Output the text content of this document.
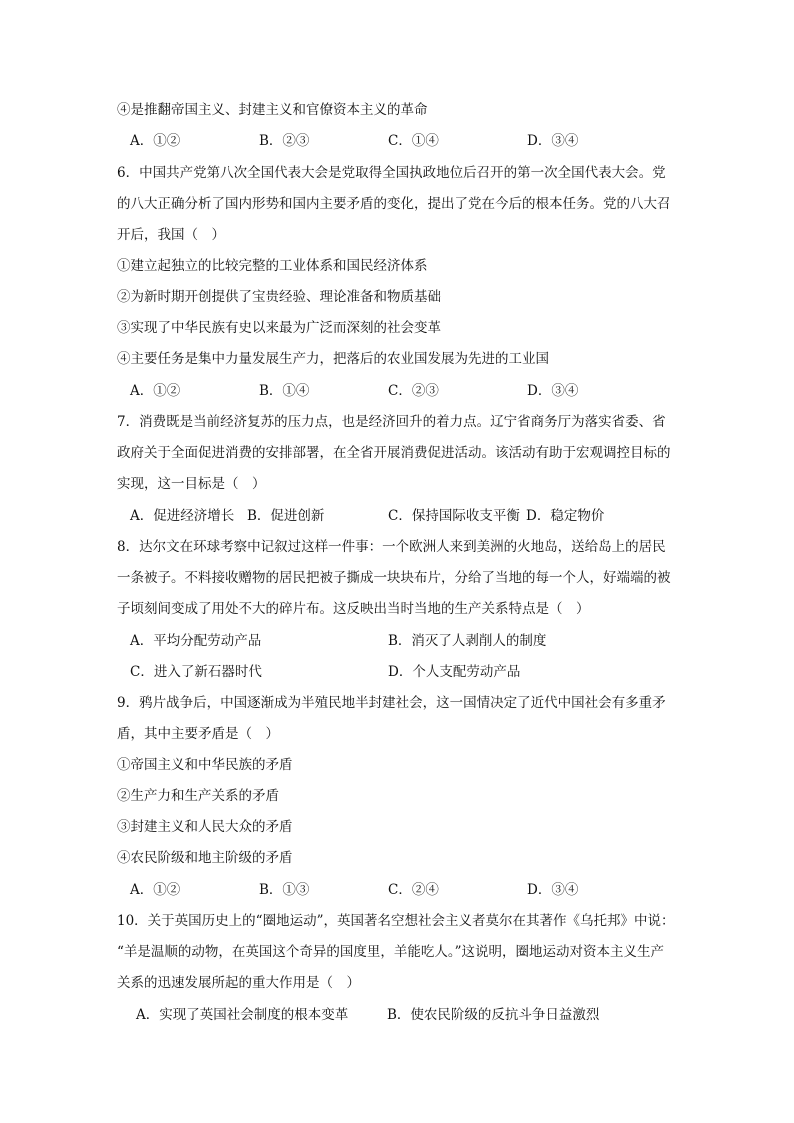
④是推翻帝国主义、封建主义和官僚资本主义的革命
A．①②	B．②③	C．①④	D．③④
6．中国共产党第八次全国代表大会是党取得全国执政地位后召开的第一次全国代表大会。党
的八大正确分析了国内形势和国内主要矛盾的变化，提出了党在今后的根本任务。党的八大召
开后，我国（　）
①建立起独立的比较完整的工业体系和国民经济体系
②为新时期开创提供了宝贵经验、理论准备和物质基础
③实现了中华民族有史以来最为广泛而深刻的社会变革
④主要任务是集中力量发展生产力，把落后的农业国发展为先进的工业国
A．①②	B．①④	C．②③	D．③④
7．消费既是当前经济复苏的压力点，也是经济回升的着力点。辽宁省商务厅为落实省委、省
政府关于全面促进消费的安排部署，在全省开展消费促进活动。该活动有助于宏观调控目标的
实现，这一目标是（　）
A．促进经济增长 B．促进创新	C．保持国际收支平衡 D．稳定物价
8．达尔文在环球考察中记叙过这样一件事：一个欧洲人来到美洲的火地岛，送给岛上的居民
一条被子。不料接收赠物的居民把被子撕成一块块布片，分给了当地的每一个人，好端端的被
子顷刻间变成了用处不大的碎片布。这反映出当时当地的生产关系特点是（　）
A．平均分配劳动产品	B．消灭了人剥削人的制度
C．进入了新石器时代	D．个人支配劳动产品
9．鸦片战争后，中国逐渐成为半殖民地半封建社会，这一国情决定了近代中国社会有多重矛
盾，其中主要矛盾是（　）
①帝国主义和中华民族的矛盾
②生产力和生产关系的矛盾
③封建主义和人民大众的矛盾
④农民阶级和地主阶级的矛盾
A．①②	B．①③	C．②④	D．③④
10．关于英国历史上的“圈地运动”，英国著名空想社会主义者莫尔在其著作《乌托邦》中说：
“羊是温顺的动物，在英国这个奇异的国度里，羊能吃人。”这说明，圈地运动对资本主义生产
关系的迅速发展所起的重大作用是（　）
A．实现了英国社会制度的根本变革	B．使农民阶级的反抗斗争日益激烈
